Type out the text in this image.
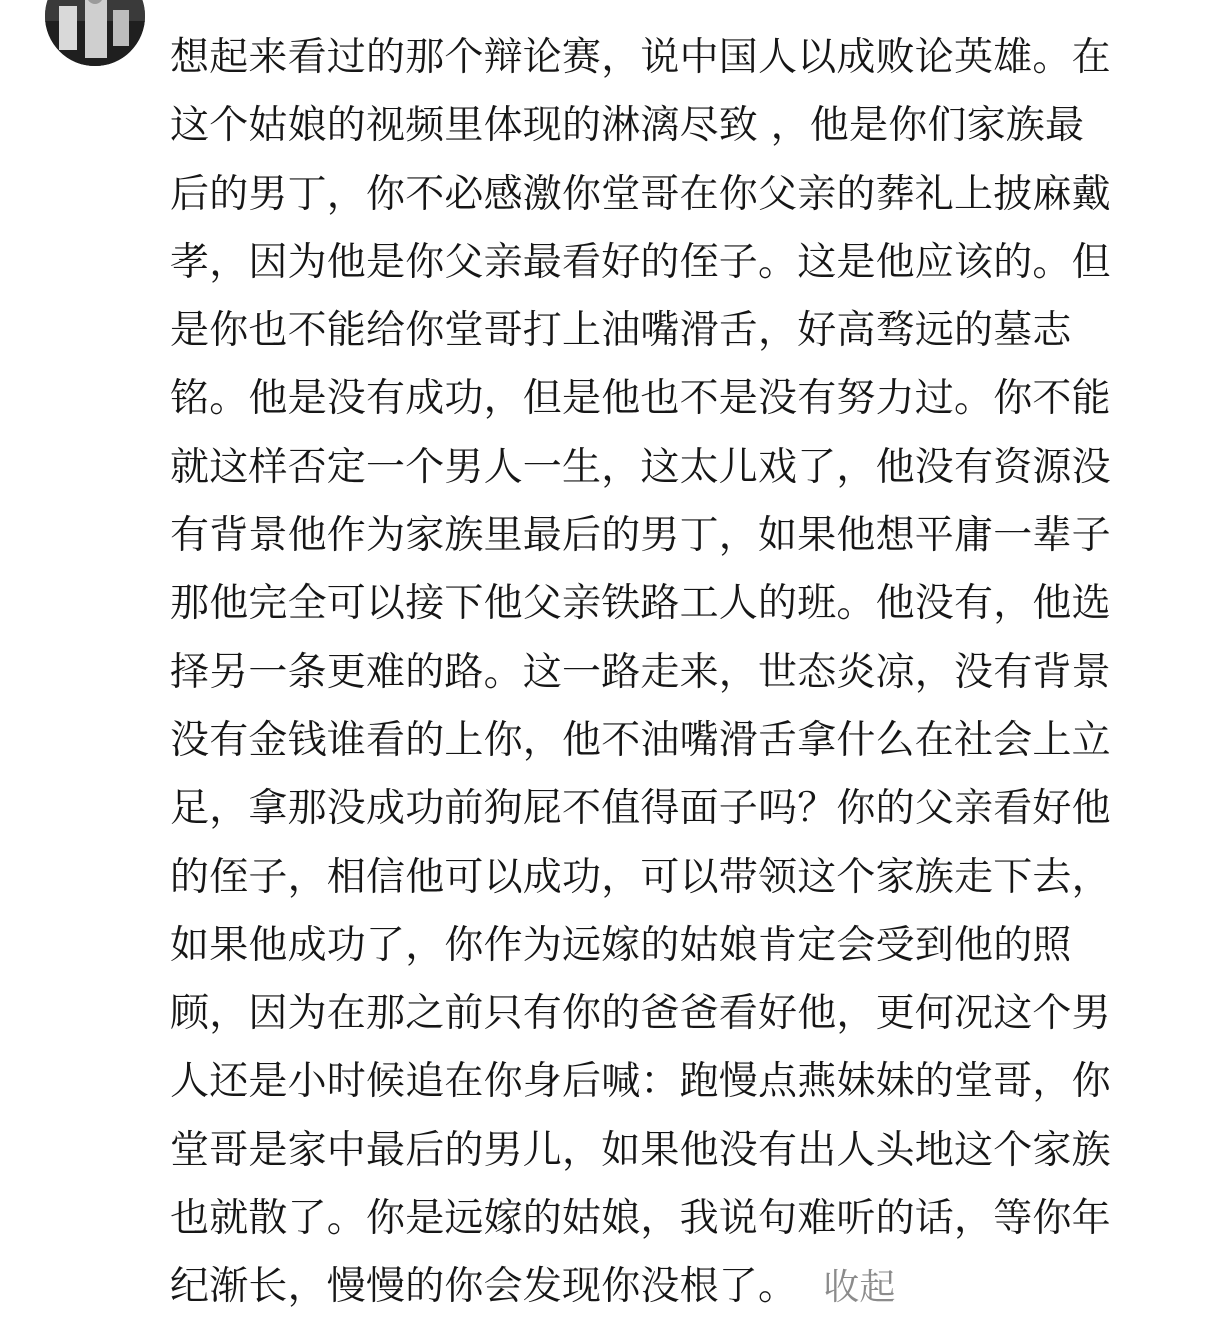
想起来看过的那个辩论赛，说中国人以成败论英雄。在
这个姑娘的视频里体现的淋漓尽致 ，他是你们家族最
后的男丁，你不必感激你堂哥在你父亲的葬礼上披麻戴
孝，因为他是你父亲最看好的侄子。这是他应该的。但
是你也不能给你堂哥打上油嘴滑舌，好高骛远的墓志
铭。他是没有成功，但是他也不是没有努力过。你不能
就这样否定一个男人一生，这太儿戏了，他没有资源没
有背景他作为家族里最后的男丁，如果他想平庸一辈子
那他完全可以接下他父亲铁路工人的班。他没有，他选
择另一条更难的路。这一路走来，世态炎凉，没有背景
没有金钱谁看的上你，他不油嘴滑舌拿什么在社会上立
足，拿那没成功前狗屁不值得面子吗？你的父亲看好他
的侄子，相信他可以成功，可以带领这个家族走下去，
如果他成功了，你作为远嫁的姑娘肯定会受到他的照
顾，因为在那之前只有你的爸爸看好他，更何况这个男
人还是小时候追在你身后喊：跑慢点燕妹妹的堂哥，你
堂哥是家中最后的男儿，如果他没有出人头地这个家族
也就散了。你是远嫁的姑娘，我说句难听的话，等你年
纪渐长，慢慢的你会发现你没根了。 收起
